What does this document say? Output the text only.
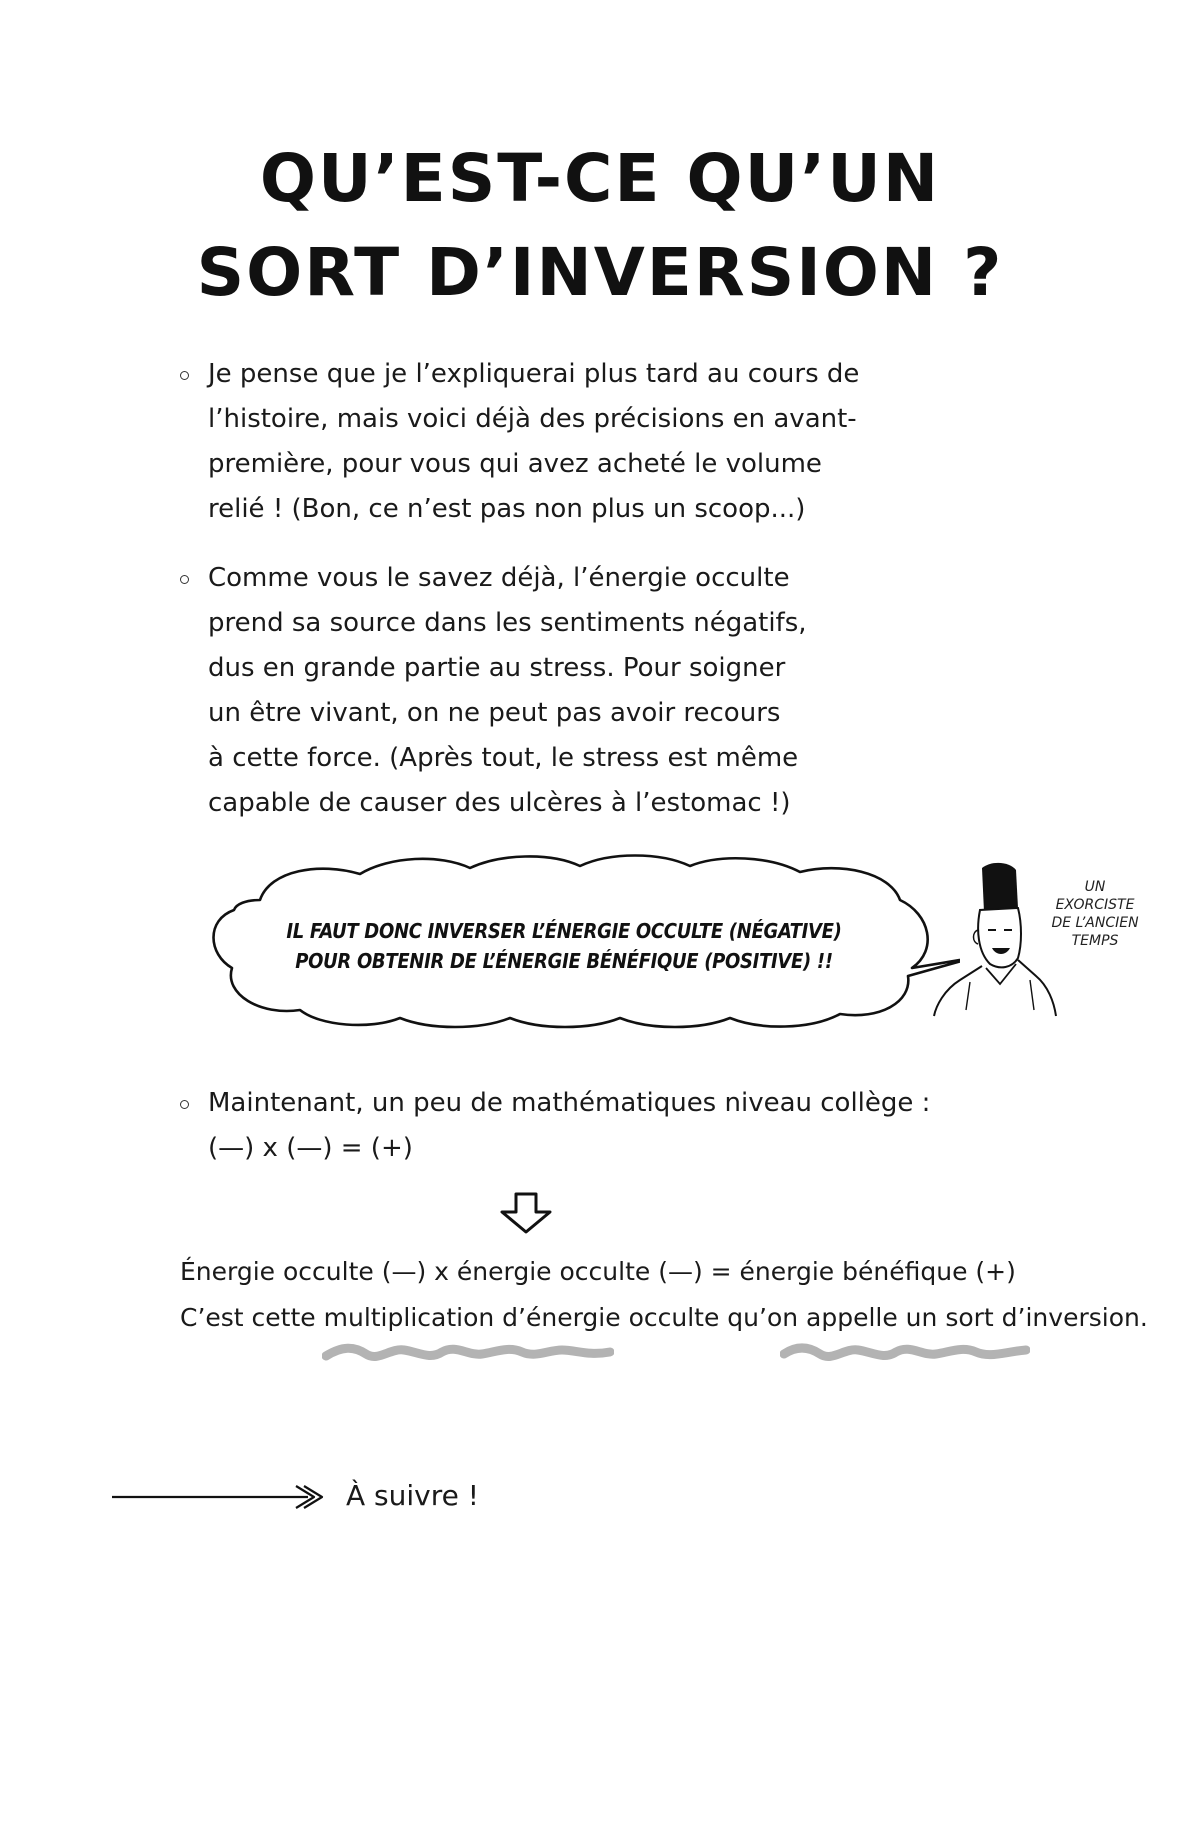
QU’EST-CE QU’UN
SORT D’INVERSION ?
Je pense que je l’expliquerai plus tard au cours de
l’histoire, mais voici déjà des précisions en avant-
première, pour vous qui avez acheté le volume
relié ! (Bon, ce n’est pas non plus un scoop...)
Comme vous le savez déjà, l’énergie occulte
prend sa source dans les sentiments négatifs,
dus en grande partie au stress. Pour soigner
un être vivant, on ne peut pas avoir recours
à cette force. (Après tout, le stress est même
capable de causer des ulcères à l’estomac !)
IL FAUT DONC INVERSER L’ÉNERGIE OCCULTE (NÉGATIVE)
POUR OBTENIR DE L’ÉNERGIE BÉNÉFIQUE (POSITIVE) !!
UN
EXORCISTE
DE L’ANCIEN
TEMPS
Maintenant, un peu de mathématiques niveau collège :
(—) x (—) = (+)
Énergie occulte (—) x énergie occulte (—) = énergie bénéfique (+)
C’est cette multiplication d’énergie occulte qu’on appelle un sort d’inversion.
À suivre !
